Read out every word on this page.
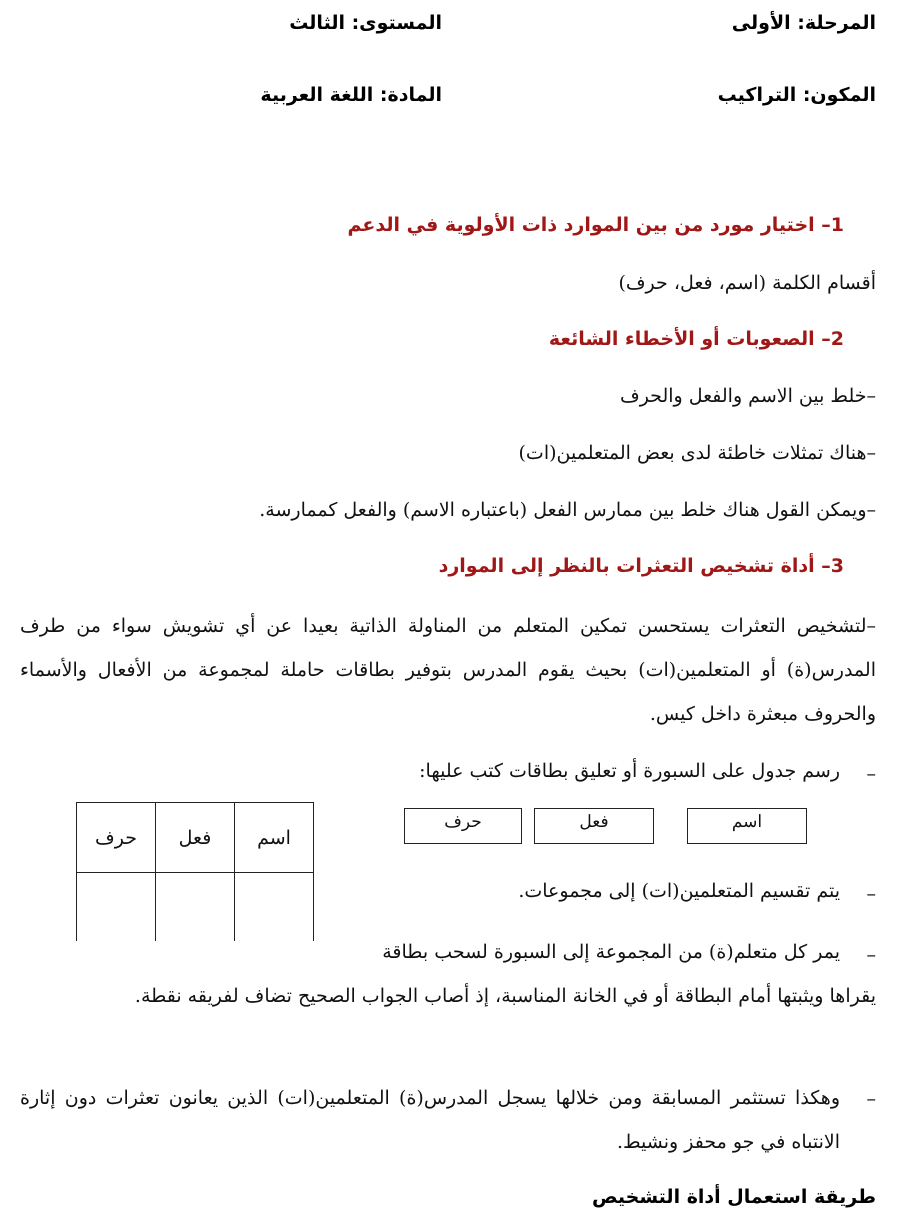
المرحلة: الأولى
المستوى: الثالث
المكون: التراكيب
المادة: اللغة العربية
1– اختيار مورد من بين الموارد ذات الأولوية في الدعم
أقسام الكلمة (اسم، فعل، حرف)
2– الصعوبات أو الأخطاء الشائعة
–خلط بين الاسم والفعل والحرف
–هناك تمثلات خاطئة لدى بعض المتعلمين(ات)
–ويمكن القول هناك خلط بين ممارس الفعل (باعتباره الاسم) والفعل كممارسة.
3– أداة تشخيص التعثرات بالنظر إلى الموارد
–لتشخيص التعثرات يستحسن تمكين المتعلم من المناولة الذاتية بعيدا عن أي تشويش سواء من طرف المدرس(ة) أو المتعلمين(ات) بحيث يقوم المدرس بتوفير بطاقات حاملة لمجموعة من الأفعال والأسماء والحروف مبعثرة داخل كيس.
–
رسم جدول على السبورة أو تعليق بطاقات كتب عليها:
اسم
فعل
حرف
اسم	فعل	حرف

–
يتم تقسيم المتعلمين(ات) إلى مجموعات.
–
يمر كل متعلم(ة) من المجموعة إلى السبورة لسحب بطاقة
يقراها ويثبتها أمام البطاقة أو في الخانة المناسبة، إذ أصاب الجواب الصحيح تضاف لفريقه نقطة.
–
وهكذا تستثمر المسابقة ومن خلالها يسجل المدرس(ة) المتعلمين(ات) الذين يعانون تعثرات دون إثارة الانتباه في جو محفز ونشيط.
طريقة استعمال أداة التشخيص
